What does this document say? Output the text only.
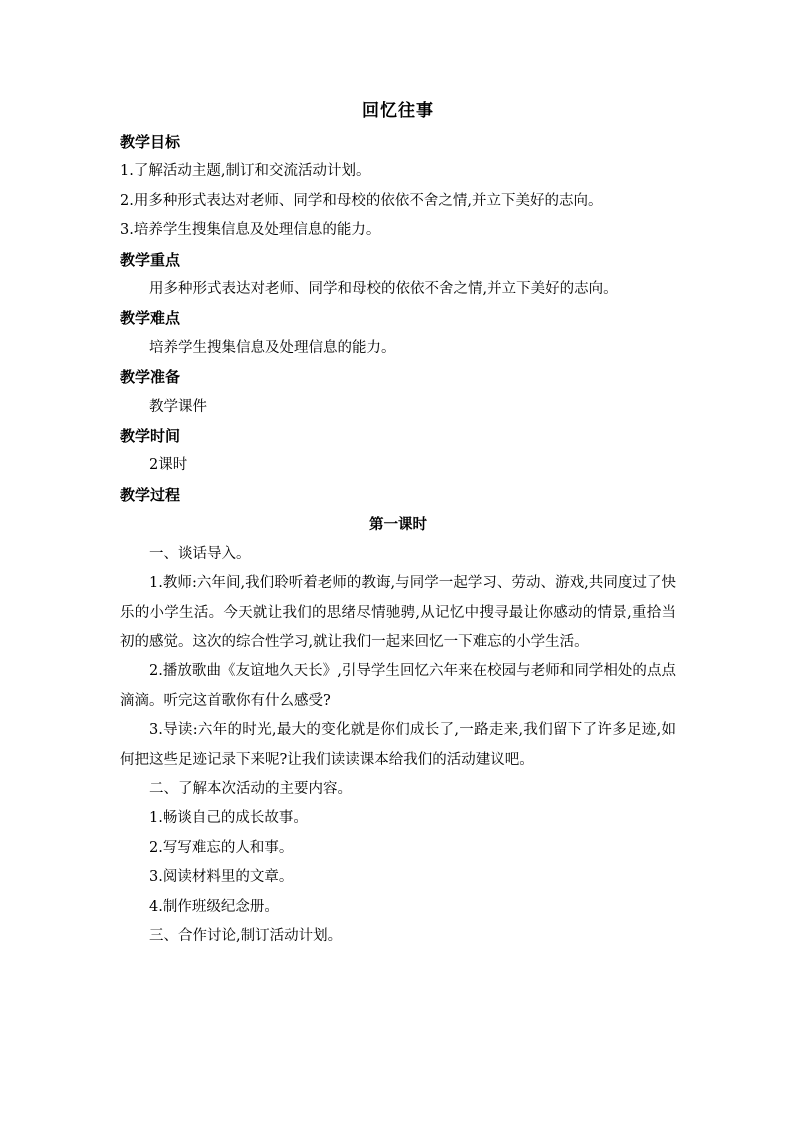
回忆往事
教学目标
1.了解活动主题,制订和交流活动计划。
2.用多种形式表达对老师、同学和母校的依依不舍之情,并立下美好的志向。
3.培养学生搜集信息及处理信息的能力。
教学重点
用多种形式表达对老师、同学和母校的依依不舍之情,并立下美好的志向。
教学难点
培养学生搜集信息及处理信息的能力。
教学准备
教学课件
教学时间
2课时
教学过程
第一课时
一、谈话导入。
1.教师:六年间,我们聆听着老师的教诲,与同学一起学习、劳动、游戏,共同度过了快乐的小学生活。今天就让我们的思绪尽情驰骋,从记忆中搜寻最让你感动的情景,重拾当初的感觉。这次的综合性学习,就让我们一起来回忆一下难忘的小学生活。
2.播放歌曲《友谊地久天长》,引导学生回忆六年来在校园与老师和同学相处的点点滴滴。听完这首歌你有什么感受?
3.导读:六年的时光,最大的变化就是你们成长了,一路走来,我们留下了许多足迹,如何把这些足迹记录下来呢?让我们读读课本给我们的活动建议吧。
二、了解本次活动的主要内容。
1.畅谈自己的成长故事。
2.写写难忘的人和事。
3.阅读材料里的文章。
4.制作班级纪念册。
三、合作讨论,制订活动计划。
